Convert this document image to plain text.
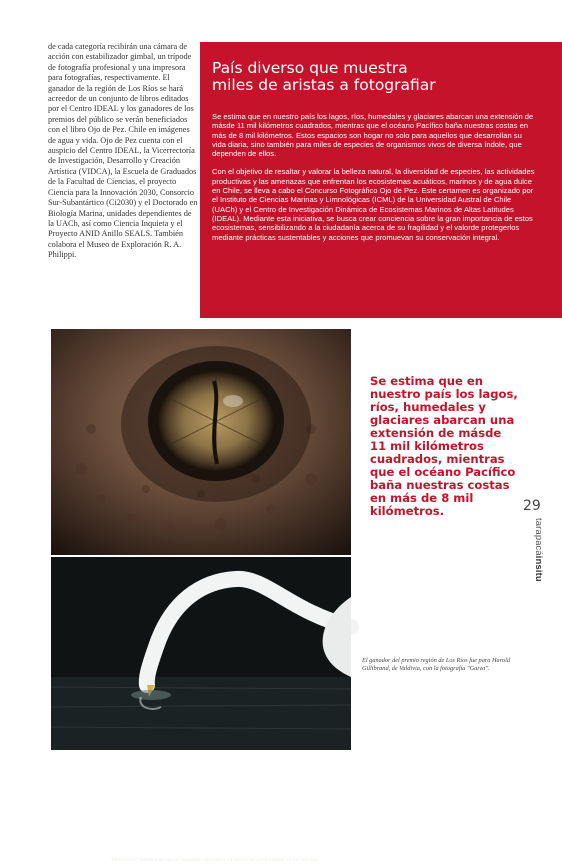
de cada categoría recibirán una cámara de acción con estabilizador gimbal, un trípode de fotografía profesional y una impresora para fotografías, respectivamente. El ganador de la región de Los Ríos se hará acreedor de un conjunto de libros editados por el Centro IDEAL y los ganadores de los premios del público se verán beneficiados con el libro Ojo de Pez. Chile en imágenes de agua y vida. Ojo de Pez cuenta con el auspicio del Centro IDEAL, la Vicerrectoría de Investigación, Desarrollo y Creación Artística (VIDCA), la Escuela de Graduados de la Facultad de Ciencias, el proyecto Ciencia para la Innovación 2030, Consorcio Sur-Subantártico (Ci2030) y el Doctorado en Biología Marina, unidades dependientes de la UACh, así como Ciencia Inquieta y el Proyecto ANID Anillo SEALS. También colabora el Museo de Exploración R. A. Philippi.

País diverso que muestra miles de aristas a fotografiar

Se estima que en nuestro país los lagos, ríos, humedales y glaciares abarcan una extensión de másde 11 mil kilómetros cuadrados, mientras que el océano Pacífico baña nuestras costas en más de 8 mil kilómetros. Estos espacios son hogar no solo para aquellos que desarrollan su vida diaria, sino también para miles de especies de organismos vivos de diversa índole, que dependen de ellos.

Con el objetivo de resaltar y valorar la belleza natural, la diversidad de especies, las actividades productivas y las amenazas que enfrentan los ecosistemas acuáticos, marinos y de agua dulce en Chile, se lleva a cabo el Concurso Fotográfico Ojo de Pez. Este certamen es organizado por el Instituto de Ciencias Marinas y Limnológicas (ICML) de la Universidad Austral de Chile (UACh) y el Centro de Investigación Dinámica de Ecosistemas Marinos de Altas Latitudes (IDEAL). Mediante esta iniciativa, se busca crear conciencia sobre la gran importancia de estos ecosistemas, sensibilizando a la ciudadanía acerca de su fragilidad y el valorde protegerlos mediante prácticas sustentables y acciones que promuevan su conservación integral.

"Multiverso" muestra un ojo de lenguado captado a 14 metros de profundidad en Los Molles.

Se estima que en nuestro país los lagos, ríos, humedales y glaciares abarcan una extensión de másde 11 mil kilómetros cuadrados, mientras que el océano Pacífico baña nuestras costas en más de 8 mil kilómetros.	29
tarapacáinsitu
El ganador del premio región de Los Ríos fue para Harold Gillibrand, de Valdivia, con la fotografía "Garza".
